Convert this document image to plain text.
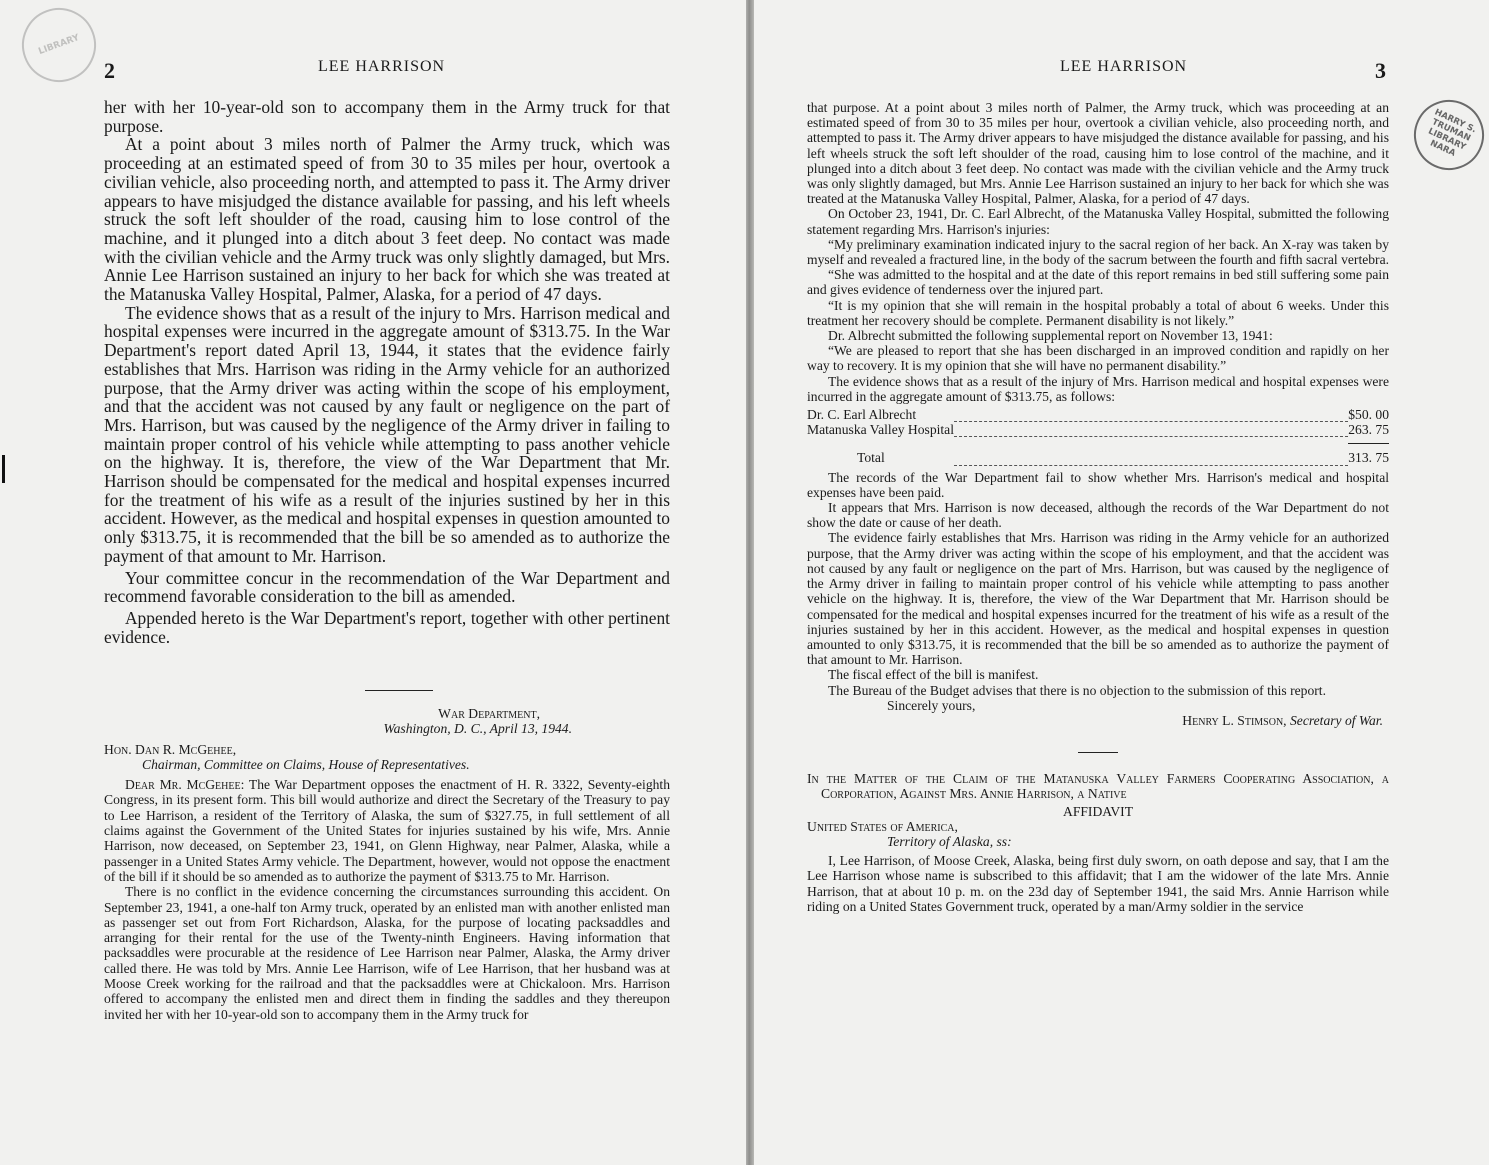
LIBRARY
2	LEE HARRISON

her with her 10-year-old son to accompany them in the Army truck for that purpose.

At a point about 3 miles north of Palmer the Army truck, which was proceeding at an estimated speed of from 30 to 35 miles per hour, overtook a civilian vehicle, also proceeding north, and attempted to pass it. The Army driver appears to have misjudged the distance available for passing, and his left wheels struck the soft left shoulder of the road, causing him to lose control of the machine, and it plunged into a ditch about 3 feet deep. No contact was made with the civilian vehicle and the Army truck was only slightly damaged, but Mrs. Annie Lee Harrison sustained an injury to her back for which she was treated at the Matanuska Valley Hospital, Palmer, Alaska, for a period of 47 days.

The evidence shows that as a result of the injury to Mrs. Harrison medical and hospital expenses were incurred in the aggregate amount of $313.75. In the War Department's report dated April 13, 1944, it states that the evidence fairly establishes that Mrs. Harrison was riding in the Army vehicle for an authorized purpose, that the Army driver was acting within the scope of his employment, and that the accident was not caused by any fault or negligence on the part of Mrs. Harrison, but was caused by the negligence of the Army driver in failing to maintain proper control of his vehicle while attempting to pass another vehicle on the highway. It is, therefore, the view of the War Department that Mr. Harrison should be compensated for the medical and hospital expenses incurred for the treatment of his wife as a result of the injuries sustined by her in this accident. However, as the medical and hospital expenses in question amounted to only $313.75, it is recommended that the bill be so amended as to authorize the payment of that amount to Mr. Harrison.

Your committee concur in the recommendation of the War Department and recommend favorable consideration to the bill as amended.

Appended hereto is the War Department's report, together with other pertinent evidence.

War Department,

Washington, D. C., April 13, 1944.

Hon. Dan R. McGehee,

Chairman, Committee on Claims, House of Representatives.

Dear Mr. McGehee: The War Department opposes the enactment of H. R. 3322, Seventy-eighth Congress, in its present form. This bill would authorize and direct the Secretary of the Treasury to pay to Lee Harrison, a resident of the Territory of Alaska, the sum of $327.75, in full settlement of all claims against the Government of the United States for injuries sustained by his wife, Mrs. Annie Harrison, now deceased, on September 23, 1941, on Glenn Highway, near Palmer, Alaska, while a passenger in a United States Army vehicle. The Department, however, would not oppose the enactment of the bill if it should be so amended as to authorize the payment of $313.75 to Mr. Harrison.

There is no conflict in the evidence concerning the circumstances surrounding this accident. On September 23, 1941, a one-half ton Army truck, operated by an enlisted man with another enlisted man as passenger set out from Fort Richardson, Alaska, for the purpose of locating packsaddles and arranging for their rental for the use of the Twenty-ninth Engineers. Having information that packsaddles were procurable at the residence of Lee Harrison near Palmer, Alaska, the Army driver called there. He was told by Mrs. Annie Lee Harrison, wife of Lee Harrison, that her husband was at Moose Creek working for the railroad and that the packsaddles were at Chickaloon. Mrs. Harrison offered to accompany the enlisted men and direct them in finding the saddles and they thereupon invited her with her 10-year-old son to accompany them in the Army truck for

HARRY S. TRUMAN LIBRARY NARA
LEE HARRISON	3

that purpose. At a point about 3 miles north of Palmer, the Army truck, which was proceeding at an estimated speed of from 30 to 35 miles per hour, overtook a civilian vehicle, also proceeding north, and attempted to pass it. The Army driver appears to have misjudged the distance available for passing, and his left wheels struck the soft left shoulder of the road, causing him to lose control of the machine, and it plunged into a ditch about 3 feet deep. No contact was made with the civilian vehicle and the Army truck was only slightly damaged, but Mrs. Annie Lee Harrison sustained an injury to her back for which she was treated at the Matanuska Valley Hospital, Palmer, Alaska, for a period of 47 days.

On October 23, 1941, Dr. C. Earl Albrecht, of the Matanuska Valley Hospital, submitted the following statement regarding Mrs. Harrison's injuries:

“My preliminary examination indicated injury to the sacral region of her back. An X-ray was taken by myself and revealed a fractured line, in the body of the sacrum between the fourth and fifth sacral vertebra.

“She was admitted to the hospital and at the date of this report remains in bed still suffering some pain and gives evidence of tenderness over the injured part.

“It is my opinion that she will remain in the hospital probably a total of about 6 weeks. Under this treatment her recovery should be complete. Permanent disability is not likely.”

Dr. Albrecht submitted the following supplemental report on November 13, 1941:

“We are pleased to report that she has been discharged in an improved condition and rapidly on her way to recovery. It is my opinion that she will have no permanent disability.”

The evidence shows that as a result of the injury of Mrs. Harrison medical and hospital expenses were incurred in the aggregate amount of $313.75, as follows:

Dr. C. Earl Albrecht		$50. 00
Matanuska Valley Hospital		263. 75

Total		313. 75

The records of the War Department fail to show whether Mrs. Harrison's medical and hospital expenses have been paid.

It appears that Mrs. Harrison is now deceased, although the records of the War Department do not show the date or cause of her death.

The evidence fairly establishes that Mrs. Harrison was riding in the Army vehicle for an authorized purpose, that the Army driver was acting within the scope of his employment, and that the accident was not caused by any fault or negligence on the part of Mrs. Harrison, but was caused by the negligence of the Army driver in failing to maintain proper control of his vehicle while attempting to pass another vehicle on the highway. It is, therefore, the view of the War Department that Mr. Harrison should be compensated for the medical and hospital expenses incurred for the treatment of his wife as a result of the injuries sustained by her in this accident. However, as the medical and hospital expenses in question amounted to only $313.75, it is recommended that the bill be so amended as to authorize the payment of that amount to Mr. Harrison.

The fiscal effect of the bill is manifest.

The Bureau of the Budget advises that there is no objection to the submission of this report.

Sincerely yours,

Henry L. Stimson, Secretary of War.

In the Matter of the Claim of the Matanuska Valley Farmers Cooperating Association, a Corporation, Against Mrs. Annie Harrison, a Native

AFFIDAVIT

United States of America,

Territory of Alaska, ss:

I, Lee Harrison, of Moose Creek, Alaska, being first duly sworn, on oath depose and say, that I am the Lee Harrison whose name is subscribed to this affidavit; that I am the widower of the late Mrs. Annie Harrison, that at about 10 p. m. on the 23d day of September 1941, the said Mrs. Annie Harrison while riding on a United States Government truck, operated by a man/Army soldier in the service
